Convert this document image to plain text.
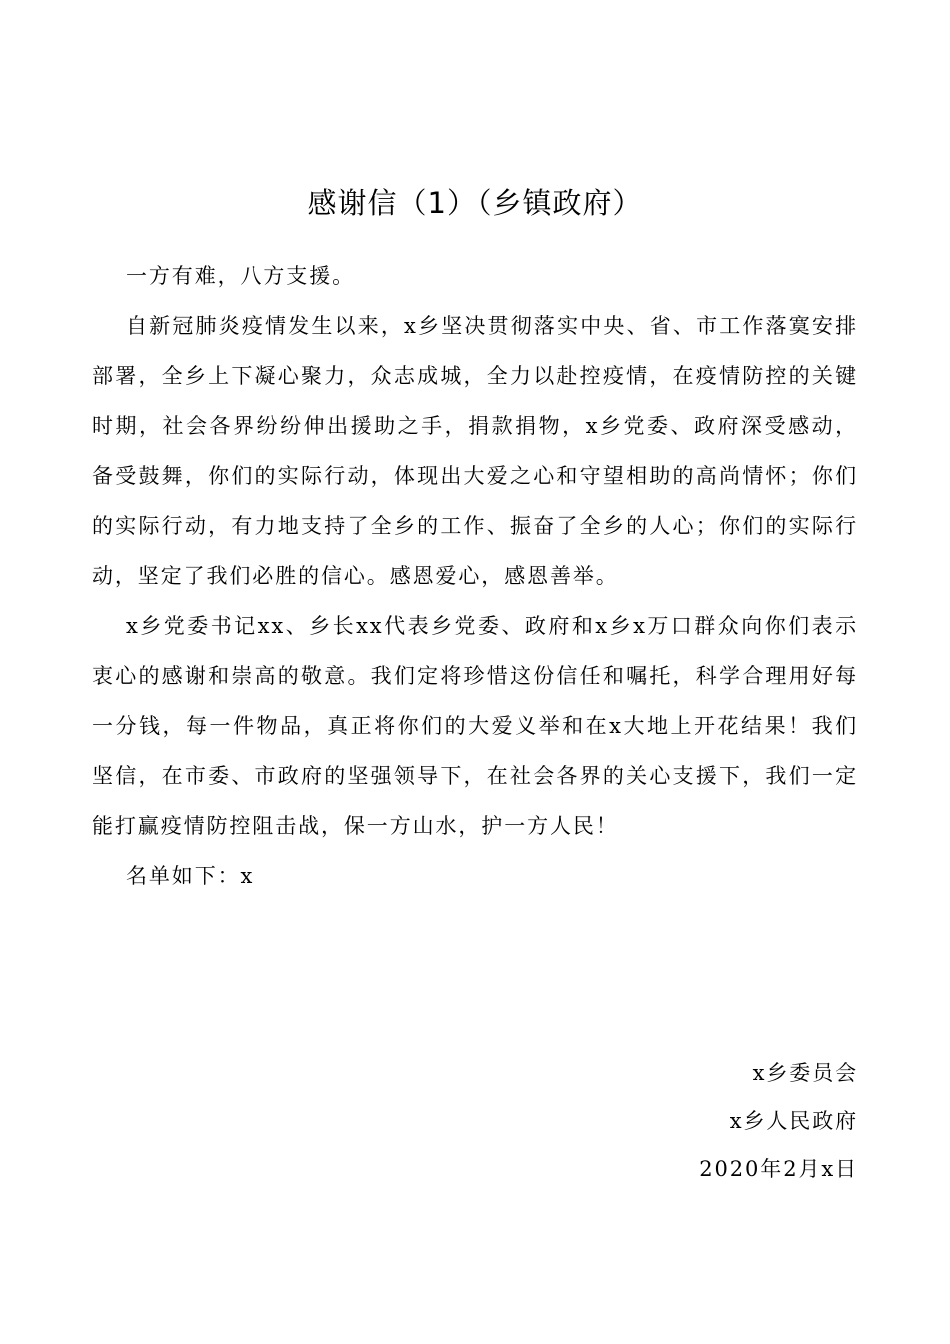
感谢信（1）（乡镇政府）

一方有难，八方支援。

自新冠肺炎疫情发生以来，x乡坚决贯彻落实中央、省、市工作落寞安排部署，全乡上下凝心聚力，众志成城，全力以赴控疫情，在疫情防控的关键时期，社会各界纷纷伸出援助之手，捐款捐物，x乡党委、政府深受感动，备受鼓舞，你们的实际行动，体现出大爱之心和守望相助的高尚情怀；你们的实际行动，有力地支持了全乡的工作、振奋了全乡的人心；你们的实际行动，坚定了我们必胜的信心。感恩爱心，感恩善举。

x乡党委书记xx、乡长xx代表乡党委、政府和x乡x万口群众向你们表示衷心的感谢和崇高的敬意。我们定将珍惜这份信任和嘱托，科学合理用好每一分钱，每一件物品，真正将你们的大爱义举和在x大地上开花结果！我们坚信，在市委、市政府的坚强领导下，在社会各界的关心支援下，我们一定能打赢疫情防控阻击战，保一方山水，护一方人民！

名单如下：x

x乡委员会
x乡人民政府
2020年2月x日
